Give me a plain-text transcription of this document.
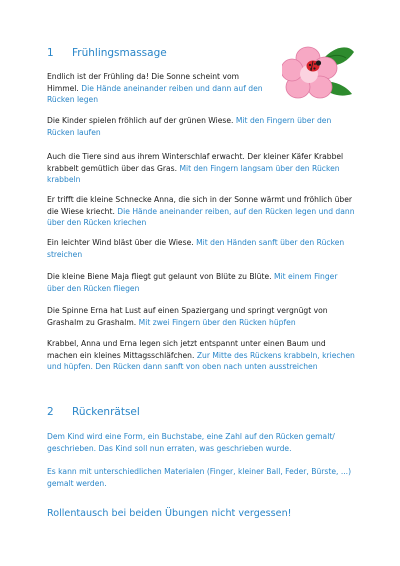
1	Frühlingsmassage

Endlich ist der Frühling da! Die Sonne scheint vom Himmel. Die Hände aneinander reiben und dann auf den Rücken legen

Die Kinder spielen fröhlich auf der grünen Wiese. Mit den Fingern über den Rücken laufen

Auch die Tiere sind aus ihrem Winterschlaf erwacht. Der kleiner Käfer Krabbel krabbelt gemütlich über das Gras. Mit den Fingern langsam über den Rücken krabbeln

Er trifft die kleine Schnecke Anna, die sich in der Sonne wärmt und fröhlich über die Wiese kriecht. Die Hände aneinander reiben, auf den Rücken legen und dann über den Rücken kriechen

Ein leichter Wind bläst über die Wiese. Mit den Händen sanft über den Rücken streichen

Die kleine Biene Maja fliegt gut gelaunt von Blüte zu Blüte. Mit einem Finger über den Rücken fliegen

Die Spinne Erna hat Lust auf einen Spaziergang und springt vergnügt von Grashalm zu Grashalm. Mit zwei Fingern über den Rücken hüpfen

Krabbel, Anna und Erna legen sich jetzt entspannt unter einen Baum und machen ein kleines Mittagsschläfchen. Zur Mitte des Rückens krabbeln, kriechen und hüpfen. Den Rücken dann sanft von oben nach unten ausstreichen

2	Rückenrätsel

Dem Kind wird eine Form, ein Buchstabe, eine Zahl auf den Rücken gemalt/ geschrieben. Das Kind soll nun erraten, was geschrieben wurde.

Es kann mit unterschiedlichen Materialen (Finger, kleiner Ball, Feder, Bürste, ...) gemalt werden.

Rollentausch bei beiden Übungen nicht vergessen!
